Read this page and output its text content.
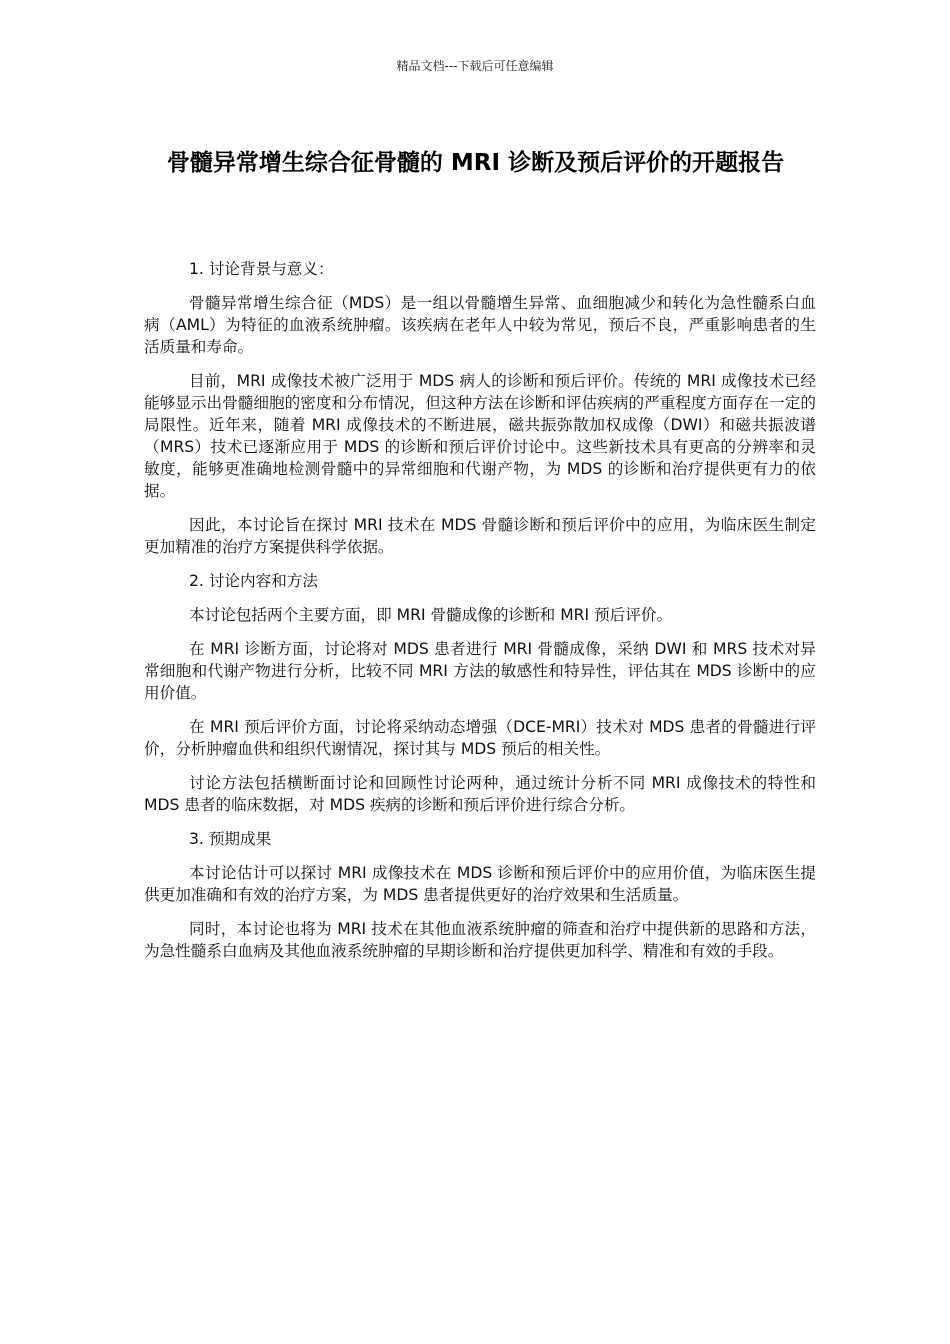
精品文档---下载后可任意编辑
骨髓异常增生综合征骨髓的 MRI 诊断及预后评价的开题报告

1. 讨论背景与意义：

骨髓异常增生综合征（MDS）是一组以骨髓增生异常、血细胞减少和转化为急性髓系白血病（AML）为特征的血液系统肿瘤。该疾病在老年人中较为常见，预后不良，严重影响患者的生活质量和寿命。

目前，MRI 成像技术被广泛用于 MDS 病人的诊断和预后评价。传统的 MRI 成像技术已经能够显示出骨髓细胞的密度和分布情况，但这种方法在诊断和评估疾病的严重程度方面存在一定的局限性。近年来，随着 MRI 成像技术的不断进展，磁共振弥散加权成像（DWI）和磁共振波谱（MRS）技术已逐渐应用于 MDS 的诊断和预后评价讨论中。这些新技术具有更高的分辨率和灵敏度，能够更准确地检测骨髓中的异常细胞和代谢产物，为 MDS 的诊断和治疗提供更有力的依据。

因此，本讨论旨在探讨 MRI 技术在 MDS 骨髓诊断和预后评价中的应用，为临床医生制定更加精准的治疗方案提供科学依据。

2. 讨论内容和方法

本讨论包括两个主要方面，即 MRI 骨髓成像的诊断和 MRI 预后评价。

在 MRI 诊断方面，讨论将对 MDS 患者进行 MRI 骨髓成像，采纳 DWI 和 MRS 技术对异常细胞和代谢产物进行分析，比较不同 MRI 方法的敏感性和特异性，评估其在 MDS 诊断中的应用价值。

在 MRI 预后评价方面，讨论将采纳动态增强（DCE-MRI）技术对 MDS 患者的骨髓进行评价，分析肿瘤血供和组织代谢情况，探讨其与 MDS 预后的相关性。

讨论方法包括横断面讨论和回顾性讨论两种，通过统计分析不同 MRI 成像技术的特性和 MDS 患者的临床数据，对 MDS 疾病的诊断和预后评价进行综合分析。

3. 预期成果

本讨论估计可以探讨 MRI 成像技术在 MDS 诊断和预后评价中的应用价值，为临床医生提供更加准确和有效的治疗方案，为 MDS 患者提供更好的治疗效果和生活质量。

同时，本讨论也将为 MRI 技术在其他血液系统肿瘤的筛查和治疗中提供新的思路和方法，为急性髓系白血病及其他血液系统肿瘤的早期诊断和治疗提供更加科学、精准和有效的手段。
